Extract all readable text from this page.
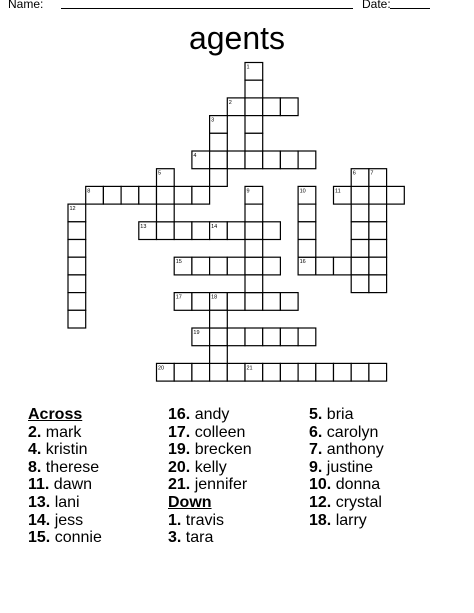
Name:	Date:
agents
2
4
8	11
13	14
15	16
17
19
20	21
1
3
5	6	7
9	10
12
18
Across
2. mark
4. kristin
8. therese
11. dawn
13. lani
14. jess
15. connie
16. andy
17. colleen
19. brecken
20. kelly
21. jennifer
Down
1. travis
3. tara
5. bria
6. carolyn
7. anthony
9. justine
10. donna
12. crystal
18. larry
